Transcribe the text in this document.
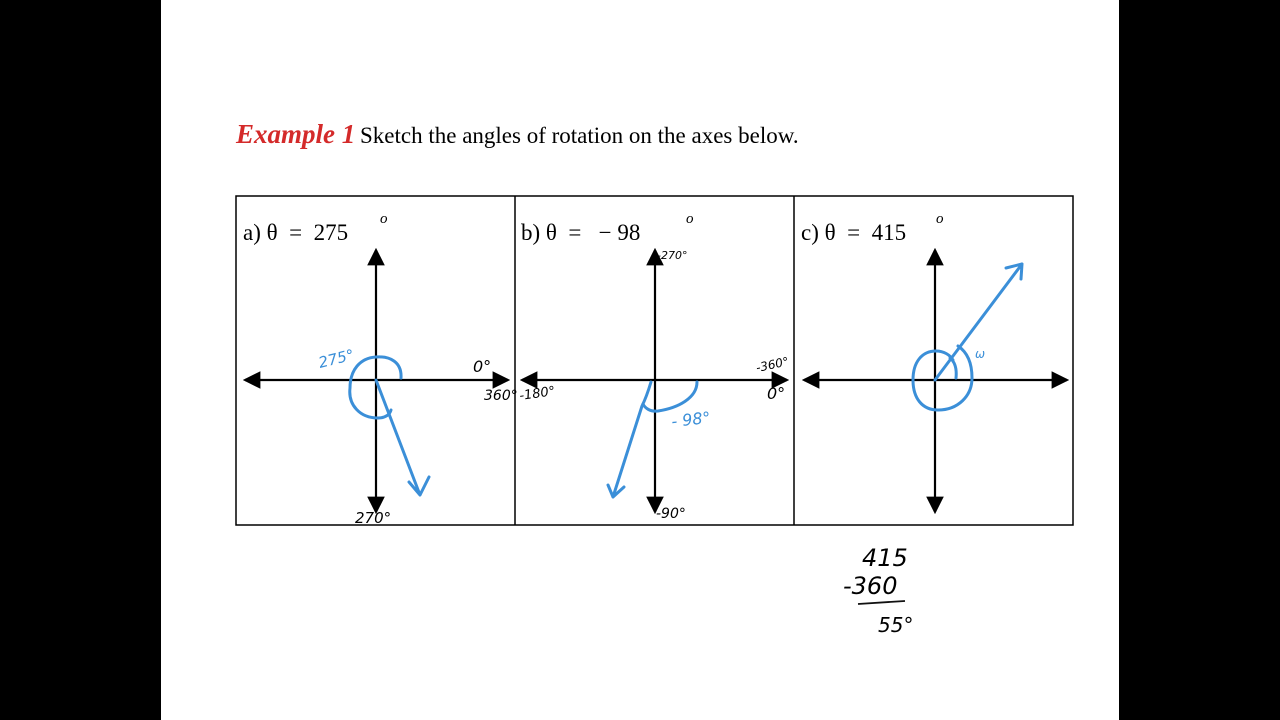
Example 1 Sketch the angles of rotation on the axes below.
a) θ  =  275
o
275°	0°
360°
270°
b) θ  =   − 98
o
- 98°
-270°
-360°
0°
-180°
-90°
c) θ  =  415
o
ω
415
-360
55°
